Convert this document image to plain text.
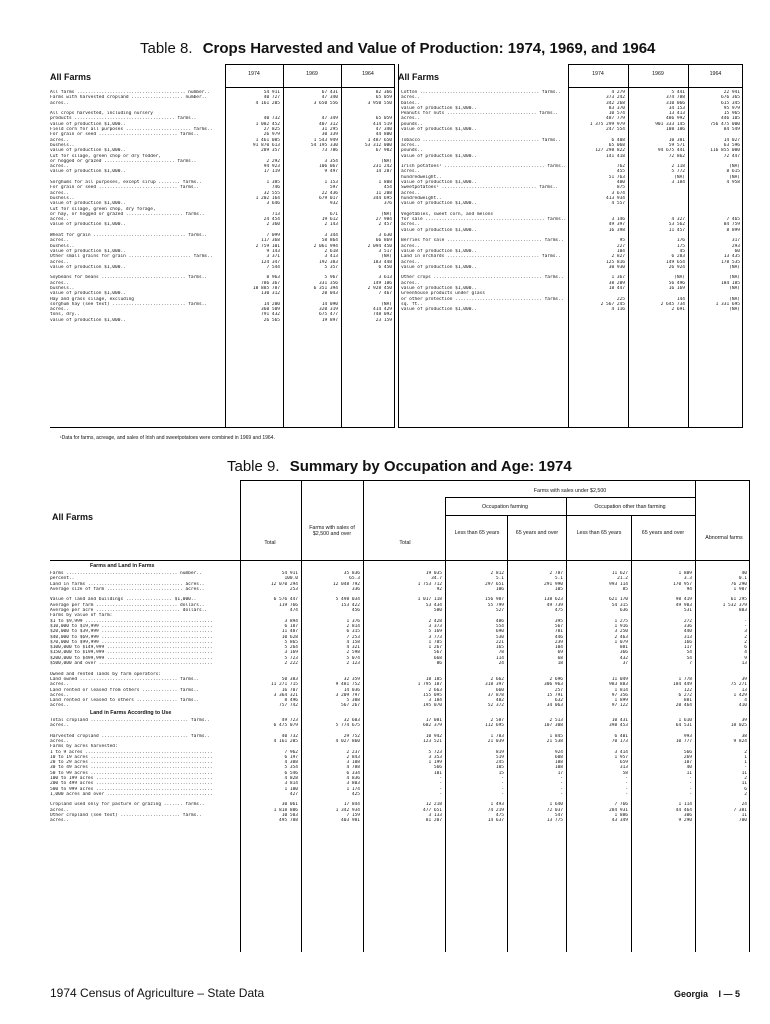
Table 8. Crops Harvested and Value of Production: 1974, 1969, and 1964
All Farms	All Farms
1974	1969	1964
All farms ........................................ number..	54 911	67 431	82 366
Farms with harvested cropland ................... number..	40 727	47 340	65 059
acres..	4 161 205	3 650 556	3 950 550
All crops harvested, including nursery
products ..................................... farms..	40 732	47 349	65 059
value of production $1,000..	1 082 452	407 312	414 519
Field corn for all purposes ........................ farms..	27 825	31 295	47 340
For grain or seed ............................. farms..	26 979	30 339	44 800
acres..	1 461 085	1 543 949	1 487 650
bushels..	91 870 613	54 195 330	53 312 000
value of production $1,000..	289 357	73 786	67 982
Cut for silage, green chop or dry fodder,
or hogged or grazed .......................... farms..	2 292	3 354	(NA)
acres..	94 923	106 067	231 242
value of production $1,000..	17 119	9 497	14 287
Sorghums for all purposes, except sirup ........ farms..	1 385	1 153	1 808
For grain or seed ............................. farms..	746	597	454
acres..	32 555	22 436	11 208
bushels..	1 202 164	679 017	344 695
value of production $1,000..	3 646	932	376
Cut for silage, green chop, dry forage,
or hay, or hogged or grazed ..................... farms..	713	671	(NA)
acres..	24 454	19 612	27 984
value of production $1,000..	2 360	2 143	2 457
Wheat for grain .................................. farms..	7 099	3 344	3 630
acres..	117 368	58 864	66 869
bushels..	2 759 101	2 061 994	2 094 450
value of production $1,000..	9 143	2 618	3 517
Other small grains for grain ....................... farms..	3 371	3 413	(NA)
acres..	124 347	192 383	183 448
value of production $1,000..	7 544	5 357	6 450
Soybeans for beans ............................... farms..	8 963	5 967	3 613
acres..	786 367	331 356	149 186
bushels..	18 885 787	6 351 394	2 928 450
value of production $1,000..	130 312	20 043	7 467
Hay and grass silage, excluding
sorghum hay (see text) ........................... farms..	14 200	14 090	(NA)
acres..	360 509	320 319	414 429
tons, dry..	791 432	675 477	748 092
value of production $1,000..	26 565	19 897	23 159
1974	1969	1964
Cotton ............................................ farms..	4 279	5 441	22 941
acres..	373 242	374 788	676 365
bales..	342 268	310 066	615 345
value of production $1,000..	83 370	34 153	95 979
Peanuts for nuts ................................. farms..	10 574	13 413	15 965
acres..	487 779	486 992	446 105
pounds..	1 375 299 979	901 333 145	756 475 000
value of production $1,000..	247 554	108 186	84 549
Tobacco ........................................... farms..	6 408	10 381	14 027
acres..	65 068	59 571	63 596
pounds..	127 298 822	94 675 441	116 855 000
value of production $1,000..	141 418	72 862	72 447
Irish potatoes¹ ..................................... farms..	762	2 118	(NA)
acres..	455	5 772	8 615
hundredweight..	51 763	(NA)	(NA)
value of production $1,000..	400	3 184	4 958
Sweetpotatoes¹ ................................... farms..	875
acres..	3 674
hundredweight..	413 934
value of production $1,000..	4 557
Vegetables, sweet corn, and melons
for sale ............................................ farms..	3 146	4 327	7 465
acres..	49 397	53 562	84 759
value of production $1,000..	16 398	11 457	8 899
Berries for sale ................................... farms..	95	176	317
acres..	227	175	293
value of production $1,000..	104	45	60
Land in orchards .................................. farms..	2 827	6 283	13 435
acres..	125 816	149 654	178 535
value of production $1,000..	30 930	26 924	(NA)
Other crops ........................................ farms..	1 367	(NA)	(NA)
acres..	38 209	56 496	184 185
value of production $1,000..	18 447	16 169	(NA)
Greenhouse products under glass
or other protection ................................ farms..	225	144	(NA)
sq. ft..	2 567 245	2 645 734	1 331 695
value of production $1,000..	4 116	2 691	(NA)
¹Data for farms, acreage, and sales of Irish and sweetpotatoes were combined in 1969 and 1964.
Table 9. Summary by Occupation and Age: 1974
All Farms
Farms with sales under $2,500
Occupation farming	Occupation other than farming
Total
Farms with sales of $2,500 and over
Total
Less than 65 years	65 years and over	Less than 65 years	65 years and over
Abnormal farms
Farms and Land in Farms
Farms ......................................... number..	54 911	35 836	19 035	2 812	2 787	11 627	1 809	40
percent..	100.0	65.3	34.7	5.1	5.1	21.2	3.3	0.1
Land in farms ................................... acres..	12 070 294	12 048 792	1 753 712	297 651	291 990	993 114	170 957	76 290
Average size of farm ............................ acres..	253	336	92	106	105	85	94	1 907
Value of land and buildings ................. $1,000..	6 576 447	5 498 034	1 017 118	156 987	138 623	621 170	98 419	61 295
Average per farm .............................. dollars..	119 766	153 422	53 434	55 799	49 739	54 315	49 983	1 532 379
Average per acre ............................... dollars..	474	456	580	527	475	636	531	803
Farms by value of farm:
$1 to $9,999 ...............................................	3 894	1 376	2 428	486	395	1 275	272	-
$10,000 to $19,999 .........................................	6 187	2 814	3 373	554	567	1 916	336	-
$20,000 to $39,999 .........................................	11 487	6 315	5 169	690	781	3 250	440	3
$40,000 to $69,999 .........................................	10 628	7 253	3 773	530	446	2 463	313	2
$70,000 to $99,999 .........................................	5 865	4 158	1 705	221	239	1 079	166	2
$100,000 to $149,999 .......................................	5 264	4 321	1 267	165	104	881	117	6
$150,000 to $199,999 .......................................	3 169	2 598	567	78	69	366	54	4
$200,000 to $499,999 .......................................	5 723	5 074	668	114	68	432	54	9
$500,000 and over ..........................................	2 222	2 123	86	24	18	37	7	13
Owned and rented lands by farm operators:
Land owned .................................... farms..	50 383	32 359	18 185	2 662	2 696	11 049	1 778	39
acres..	11 271 715	9 481 752	1 795 187	318 397	306 963	983 883	184 449	75 271
Land rented or leased from others ............. farms..	16 707	14 036	2 663	660	257	1 814	122	13
acres..	3 364 321	3 209 797	155 095	37 878	15 791	97 356	6 272	1 429
Land rented or leased to others ............... farms..	8 496	5 308	3 184	482	632	1 899	881	4
acres..	757 742	567 267	195 070	52 372	34 063	97 122	20 464	410
Land in Farms According to Use
Total cropland .................................... farms..	49 723	32 603	17 081	2 587	2 513	10 431	1 610	39
acres..	6 475 079	5 774 675	682 379	112 695	107 308	398 453	64 531	18 025
Harvested cropland ................................ farms..	40 732	29 752	10 942	1 783	1 845	6 401	993	38
acres..	4 161 205	4 027 860	123 521	21 039	21 538	70 173	10 777	9 824
Farms by acres harvested:
1 to 9 acres ...............................................	7 962	2 237	5 723	819	924	3 414	566	2
10 to 19 acres .............................................	6 197	2 843	3 353	519	608	1 957	269	1
20 to 29 acres .............................................	4 308	3 108	1 199	245	188	659	107	1
30 to 49 acres .............................................	5 354	4 788	566	105	108	313	40	-
50 to 99 acres .............................................	6 546	6 334	101	15	17	58	11	11
100 to 199 acres ...........................................	4 828	4 836	-	-	-	-	-	2
200 to 499 acres ...........................................	3 814	3 803	-	-	-	-	-	11
500 to 999 acres ...........................................	1 180	1 174	-	-	-	-	-	6
1,000 acres and over .......................................	427	425	-	-	-	-	-	2
Cropland used only for pasture or grazing ....... farms..	30 061	17 844	12 218	1 493	1 640	7 766	1 114	24
acres..	1 818 886	1 342 934	477 651	74 219	72 037	284 931	44 464	7 381
Other cropland (see text) ...................... farms..	10 503	7 159	3 133	475	547	1 886	306	11
acres..	495 788	403 981	81 207	14 637	13 775	43 349	9 290	700
1974 Census of Agriculture – State Data	Georgia I — 5
